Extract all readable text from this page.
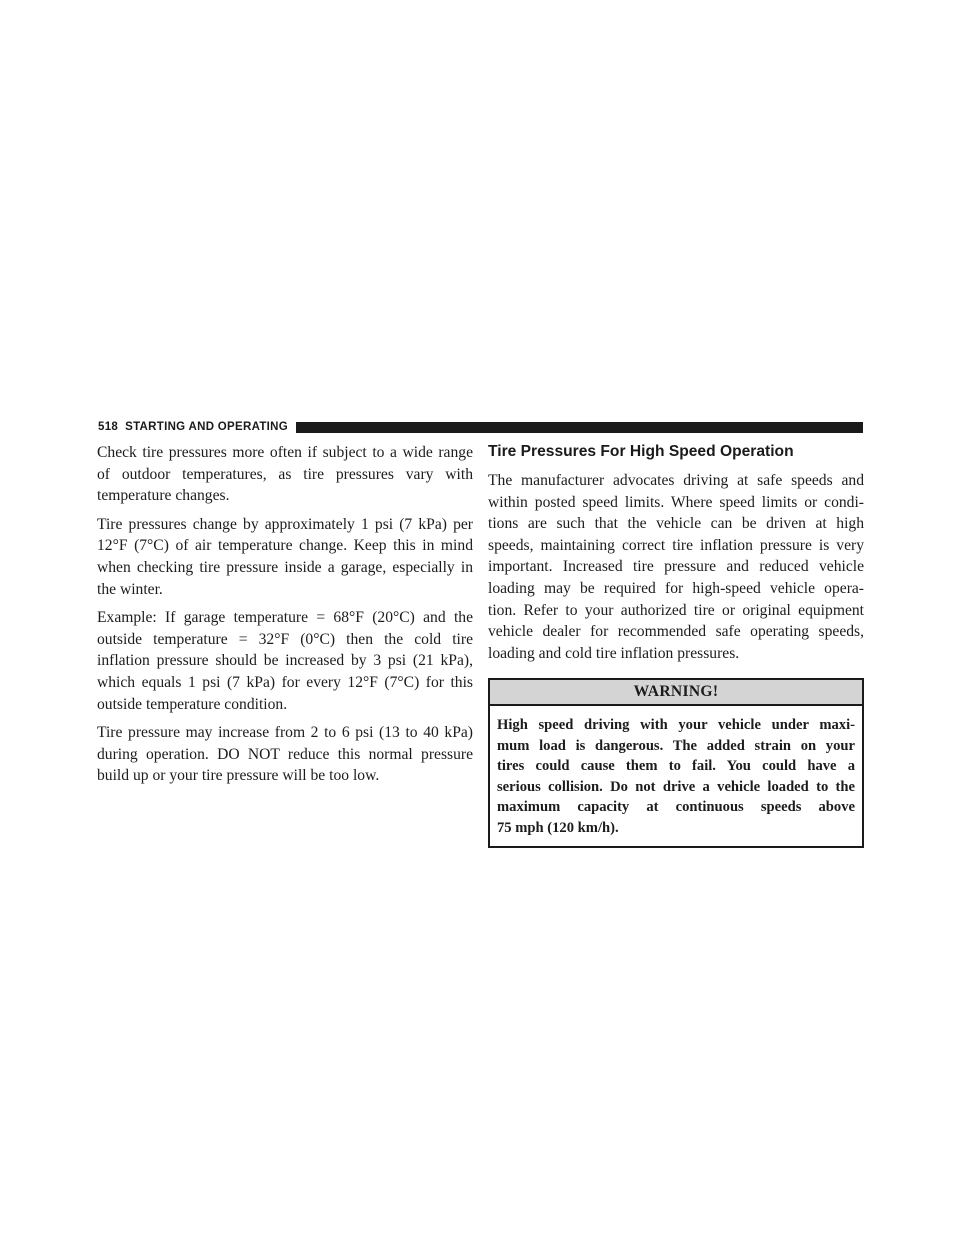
518 STARTING AND OPERATING

Check tire pressures more often if subject to a wide range
of outdoor temperatures, as tire pressures vary with
temperature changes.

Tire pressures change by approximately 1 psi (7 kPa) per
12°F (7°C) of air temperature change. Keep this in mind
when checking tire pressure inside a garage, especially in
the winter.

Example: If garage temperature = 68°F (20°C) and the
outside temperature = 32°F (0°C) then the cold tire
inflation pressure should be increased by 3 psi (21 kPa),
which equals 1 psi (7 kPa) for every 12°F (7°C) for this
outside temperature condition.

Tire pressure may increase from 2 to 6 psi (13 to 40 kPa)
during operation. DO NOT reduce this normal pressure
build up or your tire pressure will be too low.

Tire Pressures For High Speed Operation

The manufacturer advocates driving at safe speeds and
within posted speed limits. Where speed limits or condi-
tions are such that the vehicle can be driven at high
speeds, maintaining correct tire inflation pressure is very
important. Increased tire pressure and reduced vehicle
loading may be required for high-speed vehicle opera-
tion. Refer to your authorized tire or original equipment
vehicle dealer for recommended safe operating speeds,
loading and cold tire inflation pressures.

WARNING!

High speed driving with your vehicle under maxi-
mum load is dangerous. The added strain on your
tires could cause them to fail. You could have a
serious collision. Do not drive a vehicle loaded to the
maximum capacity at continuous speeds above
75 mph (120 km/h).
